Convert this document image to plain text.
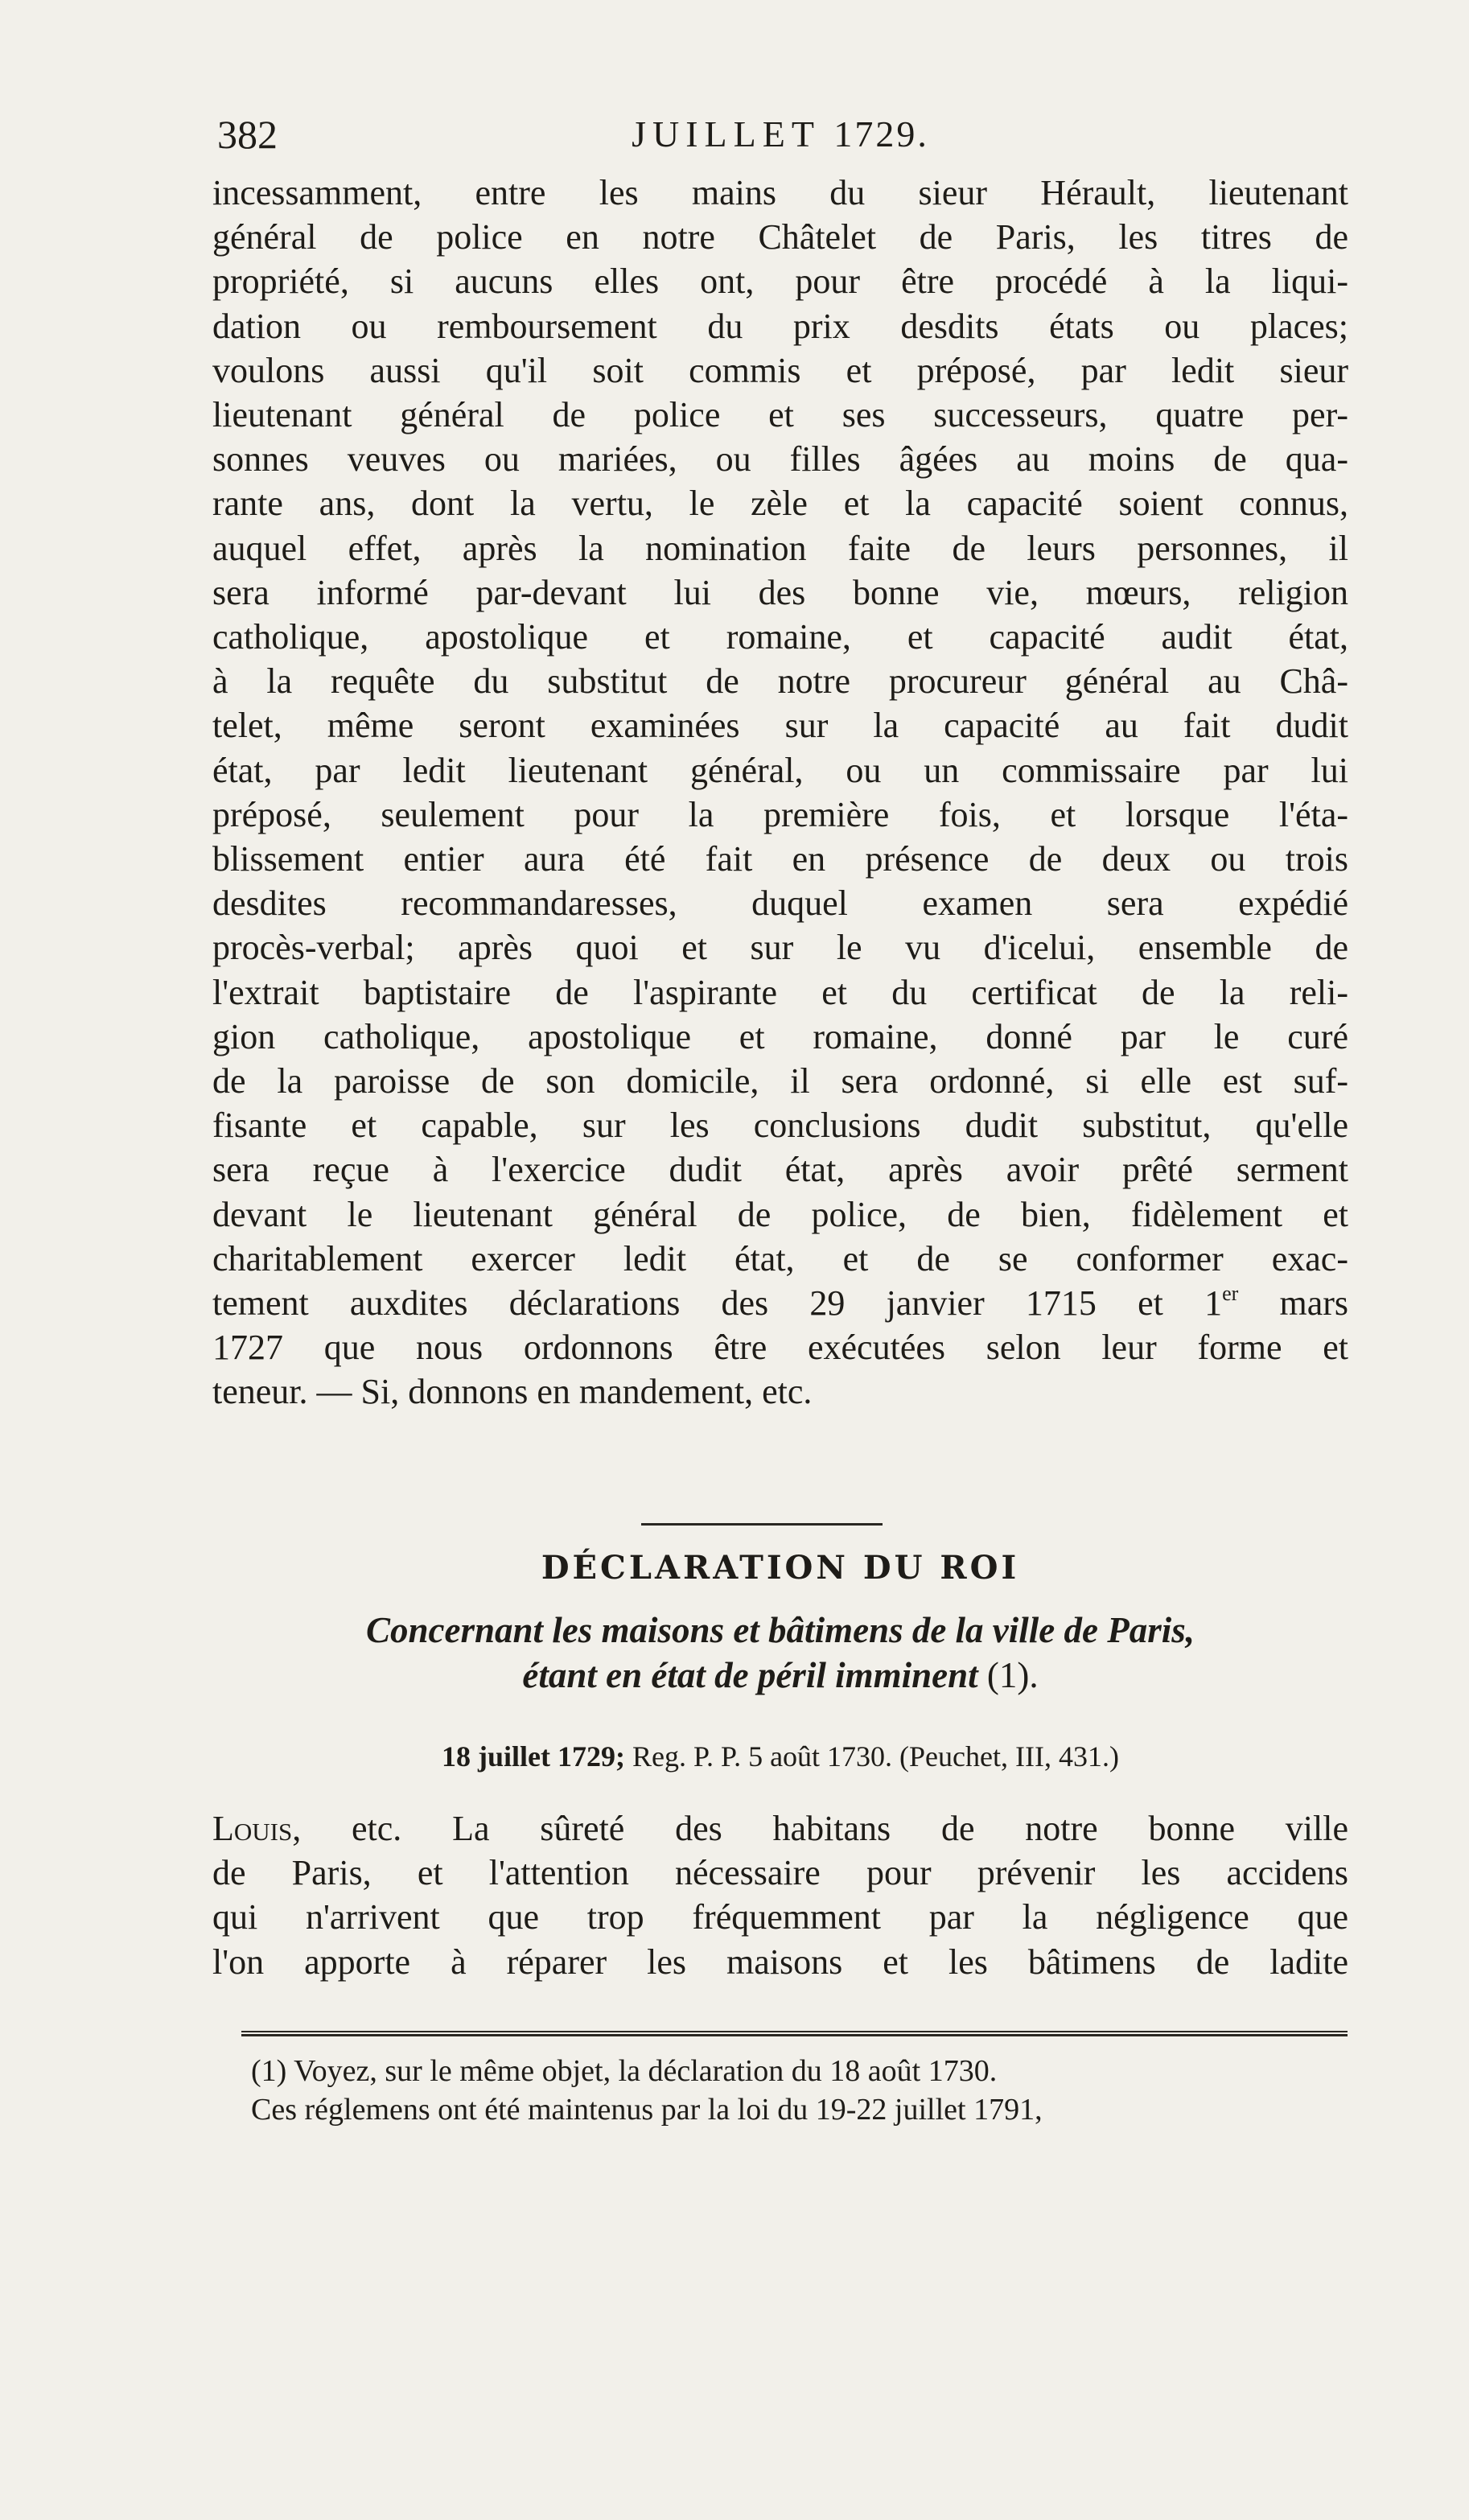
382	JUILLET 1729.
incessamment, entre les mains du sieur Hérault, lieutenant
général de police en notre Châtelet de Paris, les titres de
propriété, si aucuns elles ont, pour être procédé à la liqui-
dation ou remboursement du prix desdits états ou places;
voulons aussi qu'il soit commis et préposé, par ledit sieur
lieutenant général de police et ses successeurs, quatre per-
sonnes veuves ou mariées, ou filles âgées au moins de qua-
rante ans, dont la vertu, le zèle et la capacité soient connus,
auquel effet, après la nomination faite de leurs personnes, il
sera informé par-devant lui des bonne vie, mœurs, religion
catholique, apostolique et romaine, et capacité audit état,
à la requête du substitut de notre procureur général au Châ-
telet, même seront examinées sur la capacité au fait dudit
état, par ledit lieutenant général, ou un commissaire par lui
préposé, seulement pour la première fois, et lorsque l'éta-
blissement entier aura été fait en présence de deux ou trois
desdites recommandaresses, duquel examen sera expédié
procès-verbal; après quoi et sur le vu d'icelui, ensemble de
l'extrait baptistaire de l'aspirante et du certificat de la reli-
gion catholique, apostolique et romaine, donné par le curé
de la paroisse de son domicile, il sera ordonné, si elle est suf-
fisante et capable, sur les conclusions dudit substitut, qu'elle
sera reçue à l'exercice dudit état, après avoir prêté serment
devant le lieutenant général de police, de bien, fidèlement et
charitablement exercer ledit état, et de se conformer exac-
tement auxdites déclarations des 29 janvier 1715 et 1er mars
1727 que nous ordonnons être exécutées selon leur forme et
teneur. — Si, donnons en mandement, etc.
DÉCLARATION DU ROI
Concernant les maisons et bâtimens de la ville de Paris,
étant en état de péril imminent (1).
18 juillet 1729; Reg. P. P. 5 août 1730. (Peuchet, III, 431.)
Louis, etc. La sûreté des habitans de notre bonne ville
de Paris, et l'attention nécessaire pour prévenir les accidens
qui n'arrivent que trop fréquemment par la négligence que
l'on apporte à réparer les maisons et les bâtimens de ladite
(1) Voyez, sur le même objet, la déclaration du 18 août 1730.
Ces réglemens ont été maintenus par la loi du 19-22 juillet 1791,
